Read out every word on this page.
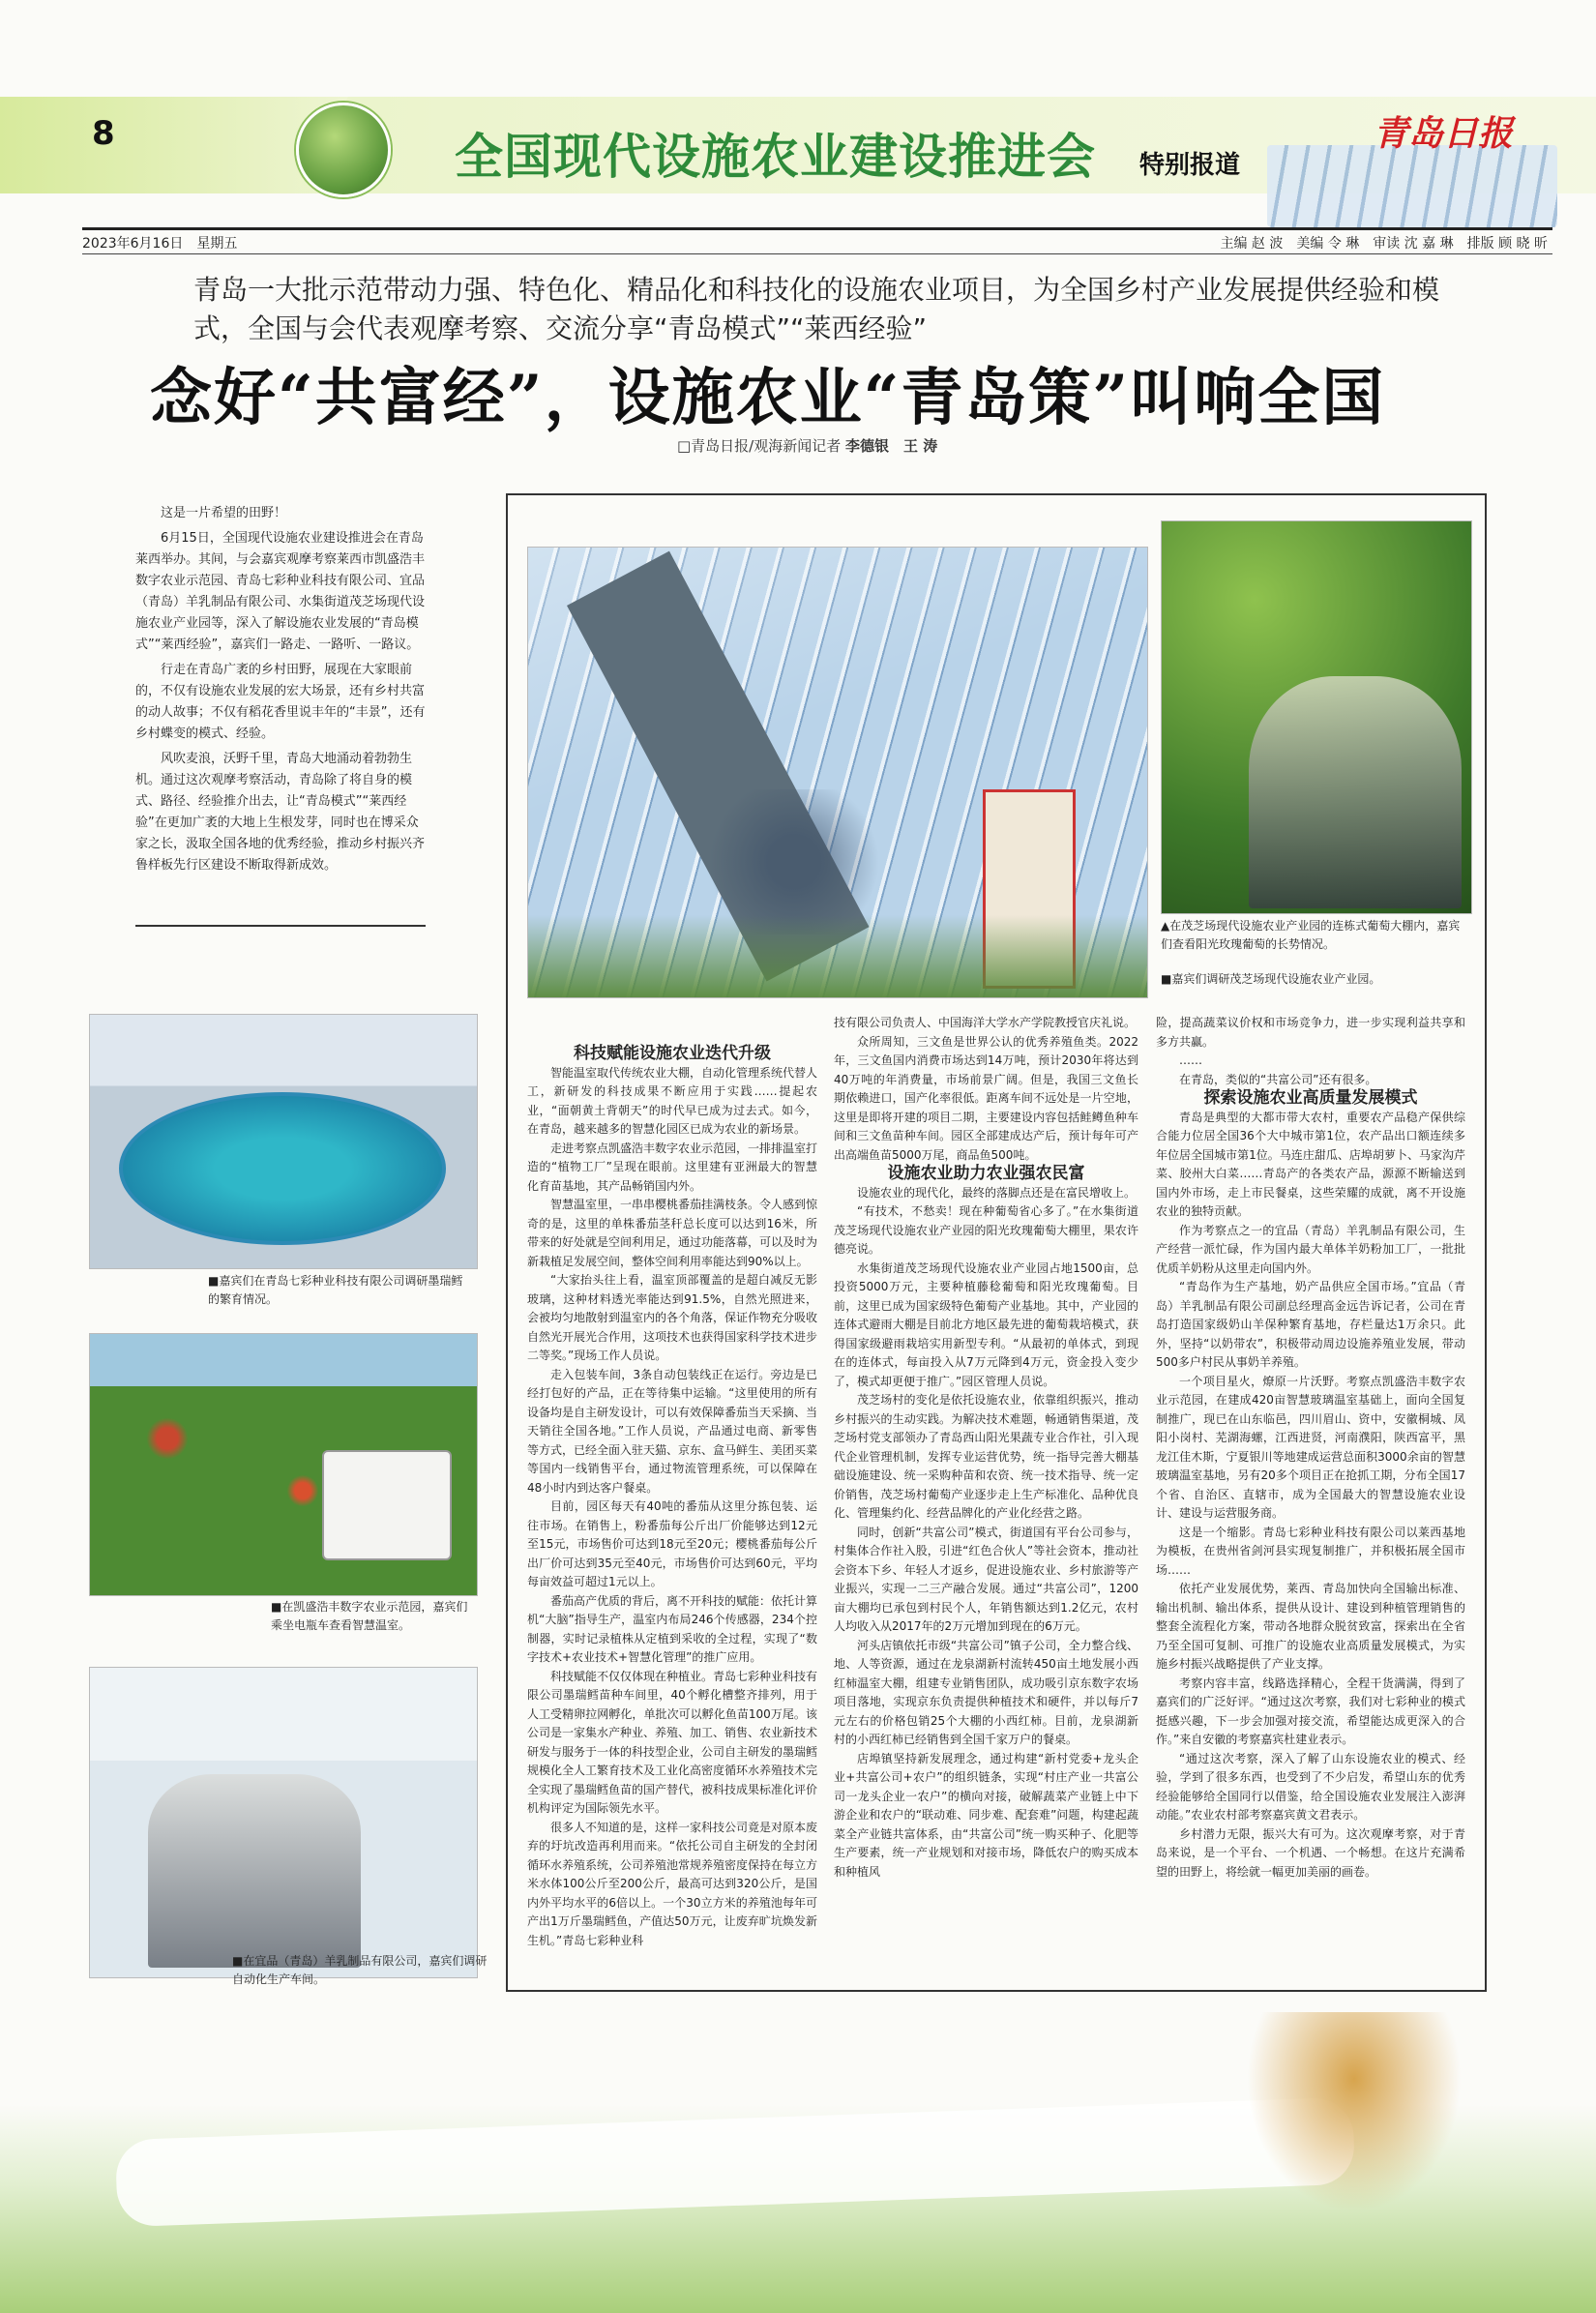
8	全国现代设施农业建设推进会 特别报道
青岛日报
2023年6月16日　星期五	主编 赵 波　美编 令 琳　审读 沈 嘉 琳　排版 顾 晓 昕
青岛一大批示范带动力强、特色化、精品化和科技化的设施农业项目，为全国乡村产业发展提供经验和模式，全国与会代表观摩考察、交流分享“青岛模式”“莱西经验”
念好“共富经”，设施农业“青岛策”叫响全国
□青岛日报/观海新闻记者 李德银　王 涛

这是一片希望的田野！

6月15日，全国现代设施农业建设推进会在青岛莱西举办。其间，与会嘉宾观摩考察莱西市凯盛浩丰数字农业示范园、青岛七彩种业科技有限公司、宜品（青岛）羊乳制品有限公司、水集街道茂芝场现代设施农业产业园等，深入了解设施农业发展的“青岛模式”“莱西经验”，嘉宾们一路走、一路听、一路议。

行走在青岛广袤的乡村田野，展现在大家眼前的，不仅有设施农业发展的宏大场景，还有乡村共富的动人故事；不仅有稻花香里说丰年的“丰景”，还有乡村蝶变的模式、经验。

风吹麦浪，沃野千里，青岛大地涌动着勃勃生机。通过这次观摩考察活动，青岛除了将自身的模式、路径、经验推介出去，让“青岛模式”“莱西经验”在更加广袤的大地上生根发芽，同时也在博采众家之长，汲取全国各地的优秀经验，推动乡村振兴齐鲁样板先行区建设不断取得新成效。

▲在茂芝场现代设施农业产业园的连栋式葡萄大棚内，嘉宾们查看阳光玫瑰葡萄的长势情况。
■嘉宾们调研茂芝场现代设施农业产业园。
■嘉宾们在青岛七彩种业科技有限公司调研墨瑞鳕的繁育情况。
■在凯盛浩丰数字农业示范园，嘉宾们乘坐电瓶车查看智慧温室。
■在宜品（青岛）羊乳制品有限公司，嘉宾们调研自动化生产车间。

科技赋能设施农业迭代升级

智能温室取代传统农业大棚，自动化管理系统代替人工，新研发的科技成果不断应用于实践……提起农业，“面朝黄土背朝天”的时代早已成为过去式。如今，在青岛，越来越多的智慧化园区已成为农业的新场景。

走进考察点凯盛浩丰数字农业示范园，一排排温室打造的“植物工厂”呈现在眼前。这里建有亚洲最大的智慧化育苗基地，其产品畅销国内外。

智慧温室里，一串串樱桃番茄挂满枝条。令人感到惊奇的是，这里的单株番茄茎秆总长度可以达到16米，所带来的好处就是空间利用足，通过功能落幕，可以及时为新栽植足发展空间，整体空间利用率能达到90%以上。

“大家抬头往上看，温室顶部覆盖的是超白减反无影玻璃，这种材料透光率能达到91.5%，自然光照进来，会被均匀地散射到温室内的各个角落，保证作物充分吸收自然光开展光合作用，这项技术也获得国家科学技术进步二等奖。”现场工作人员说。

走入包装车间，3条自动包装线正在运行。旁边是已经打包好的产品，正在等待集中运输。“这里使用的所有设备均是自主研发设计，可以有效保障番茄当天采摘、当天销往全国各地。”工作人员说，产品通过电商、新零售等方式，已经全面入驻天猫、京东、盒马鲜生、美团买菜等国内一线销售平台，通过物流管理系统，可以保障在48小时内到达客户餐桌。

目前，园区每天有40吨的番茄从这里分拣包装、运往市场。在销售上，粉番茄每公斤出厂价能够达到12元至15元，市场售价可达到18元至20元；樱桃番茄每公斤出厂价可达到35元至40元，市场售价可达到60元，平均每亩效益可超过1元以上。

番茄高产优质的背后，离不开科技的赋能：依托计算机“大脑”指导生产，温室内布局246个传感器，234个控制器，实时记录植株从定植到采收的全过程，实现了“数字技术+农业技术+智慧化管理”的推广应用。

科技赋能不仅仅体现在种植业。青岛七彩种业科技有限公司墨瑞鳕苗种车间里，40个孵化槽整齐排列，用于人工受精卵拉网孵化，单批次可以孵化鱼苗100万尾。该公司是一家集水产种业、养殖、加工、销售、农业新技术研发与服务于一体的科技型企业，公司自主研发的墨瑞鳕规模化全人工繁育技术及工业化高密度循环水养殖技术完全实现了墨瑞鳕鱼苗的国产替代，被科技成果标准化评价机构评定为国际领先水平。

很多人不知道的是，这样一家科技公司竟是对原本废弃的圩坑改造再利用而来。“依托公司自主研发的全封闭循环水养殖系统，公司养殖池常规养殖密度保持在每立方米水体100公斤至200公斤，最高可达到320公斤，是国内外平均水平的6倍以上。一个30立方米的养殖池每年可产出1万斤墨瑞鳕鱼，产值达50万元，让废弃旷坑焕发新生机。”青岛七彩种业科

技有限公司负责人、中国海洋大学水产学院教授官庆礼说。

众所周知，三文鱼是世界公认的优秀养殖鱼类。2022年，三文鱼国内消费市场达到14万吨，预计2030年将达到40万吨的年消费量，市场前景广阔。但是，我国三文鱼长期依赖进口，国产化率很低。距离车间不远处是一片空地，这里是即将开建的项目二期，主要建设内容包括鲑鳟鱼种车间和三文鱼苗种车间。园区全部建成达产后，预计每年可产出高端鱼苗5000万尾，商品鱼500吨。

设施农业助力农业强农民富

设施农业的现代化，最终的落脚点还是在富民增收上。

“有技术，不愁卖！现在种葡萄省心多了。”在水集街道茂芝场现代设施农业产业园的阳光玫瑰葡萄大棚里，果农许德亮说。

水集街道茂芝场现代设施农业产业园占地1500亩，总投资5000万元，主要种植藤稔葡萄和阳光玫瑰葡萄。目前，这里已成为国家级特色葡萄产业基地。其中，产业园的连体式避雨大棚是目前北方地区最先进的葡萄栽培模式，获得国家级避雨栽培实用新型专利。“从最初的单体式，到现在的连体式，每亩投入从7万元降到4万元，资金投入变少了，模式却更便于推广。”园区管理人员说。

茂芝场村的变化是依托设施农业，依靠组织振兴，推动乡村振兴的生动实践。为解决技术难题，畅通销售渠道，茂芝场村党支部领办了青岛西山阳光果蔬专业合作社，引入现代企业管理机制，发挥专业运营优势，统一指导完善大棚基础设施建设、统一采购种苗和农资、统一技术指导、统一定价销售，茂芝场村葡萄产业逐步走上生产标准化、品种优良化、管理集约化、经营品牌化的产业化经营之路。

同时，创新“共富公司”模式，街道国有平台公司参与，村集体合作社入股，引进“红色合伙人”等社会资本，推动社会资本下乡、年轻人才返乡，促进设施农业、乡村旅游等产业振兴，实现一二三产融合发展。通过“共富公司”，1200亩大棚均已承包到村民个人，年销售额达到1.2亿元，农村人均收入从2017年的2万元增加到现在的6万元。

河头店镇依托市级“共富公司”镇子公司，全力整合线、地、人等资源，通过在龙泉湖新村流转450亩土地发展小西红柿温室大棚，组建专业销售团队，成功吸引京东数字农场项目落地，实现京东负责提供种植技术和硬件，并以每斤7元左右的价格包销25个大棚的小西红柿。目前，龙泉湖新村的小西红柿已经销售到全国千家万户的餐桌。

店埠镇坚持新发展理念，通过构建“新村党委+龙头企业+共富公司+农户”的组织链条，实现“村庄产业一共富公司一龙头企业一农户”的横向对接，破解蔬菜产业链上中下游企业和农户的“联动难、同步难、配套难”问题，构建起蔬菜全产业链共富体系，由“共富公司”统一购买种子、化肥等生产要素，统一产业规划和对接市场，降低农户的购买成本和种植风

险，提高蔬菜议价权和市场竞争力，进一步实现利益共享和多方共赢。

……

在青岛，类似的“共富公司”还有很多。

探索设施农业高质量发展模式

青岛是典型的大都市带大农村，重要农产品稳产保供综合能力位居全国36个大中城市第1位，农产品出口额连续多年位居全国城市第1位。马连庄甜瓜、店埠胡萝卜、马家沟芹菜、胶州大白菜……青岛产的各类农产品，源源不断输送到国内外市场，走上市民餐桌，这些荣耀的成就，离不开设施农业的独特贡献。

作为考察点之一的宜品（青岛）羊乳制品有限公司，生产经营一派忙碌，作为国内最大单体羊奶粉加工厂，一批批优质羊奶粉从这里走向国内外。

“青岛作为生产基地，奶产品供应全国市场。”宜品（青岛）羊乳制品有限公司副总经理高金远告诉记者，公司在青岛打造国家级奶山羊保种繁育基地，存栏量达1万余只。此外，坚持“以奶带农”，积极带动周边设施养殖业发展，带动500多户村民从事奶羊养殖。

一个项目星火，燎原一片沃野。考察点凯盛浩丰数字农业示范园，在建成420亩智慧玻璃温室基础上，面向全国复制推广，现已在山东临邑，四川眉山、资中，安徽桐城、凤阳小岗村、芜湖海螺，江西进贤，河南濮阳，陕西富平，黑龙江佳木斯，宁夏银川等地建成运营总面积3000余亩的智慧玻璃温室基地，另有20多个项目正在抢抓工期，分布全国17个省、自治区、直辖市，成为全国最大的智慧设施农业设计、建设与运营服务商。

这是一个缩影。青岛七彩种业科技有限公司以莱西基地为模板，在贵州省剑河县实现复制推广，并积极拓展全国市场……

依托产业发展优势，莱西、青岛加快向全国输出标准、输出机制、输出体系，提供从设计、建设到种植管理销售的整套全流程化方案，带动各地群众脱贫致富，探索出在全省乃至全国可复制、可推广的设施农业高质量发展模式，为实施乡村振兴战略提供了产业支撑。

考察内容丰富，线路选择精心，全程干货满满，得到了嘉宾们的广泛好评。“通过这次考察，我们对七彩种业的模式挺感兴趣，下一步会加强对接交流，希望能达成更深入的合作。”来自安徽的考察嘉宾杜建业表示。

“通过这次考察，深入了解了山东设施农业的模式、经验，学到了很多东西，也受到了不少启发，希望山东的优秀经验能够给全国同行以借鉴，给全国设施农业发展注入澎湃动能。”农业农村部考察嘉宾黄文君表示。

乡村潜力无限，振兴大有可为。这次观摩考察，对于青岛来说，是一个平台、一个机遇、一个畅想。在这片充满希望的田野上，将绘就一幅更加美丽的画卷。
